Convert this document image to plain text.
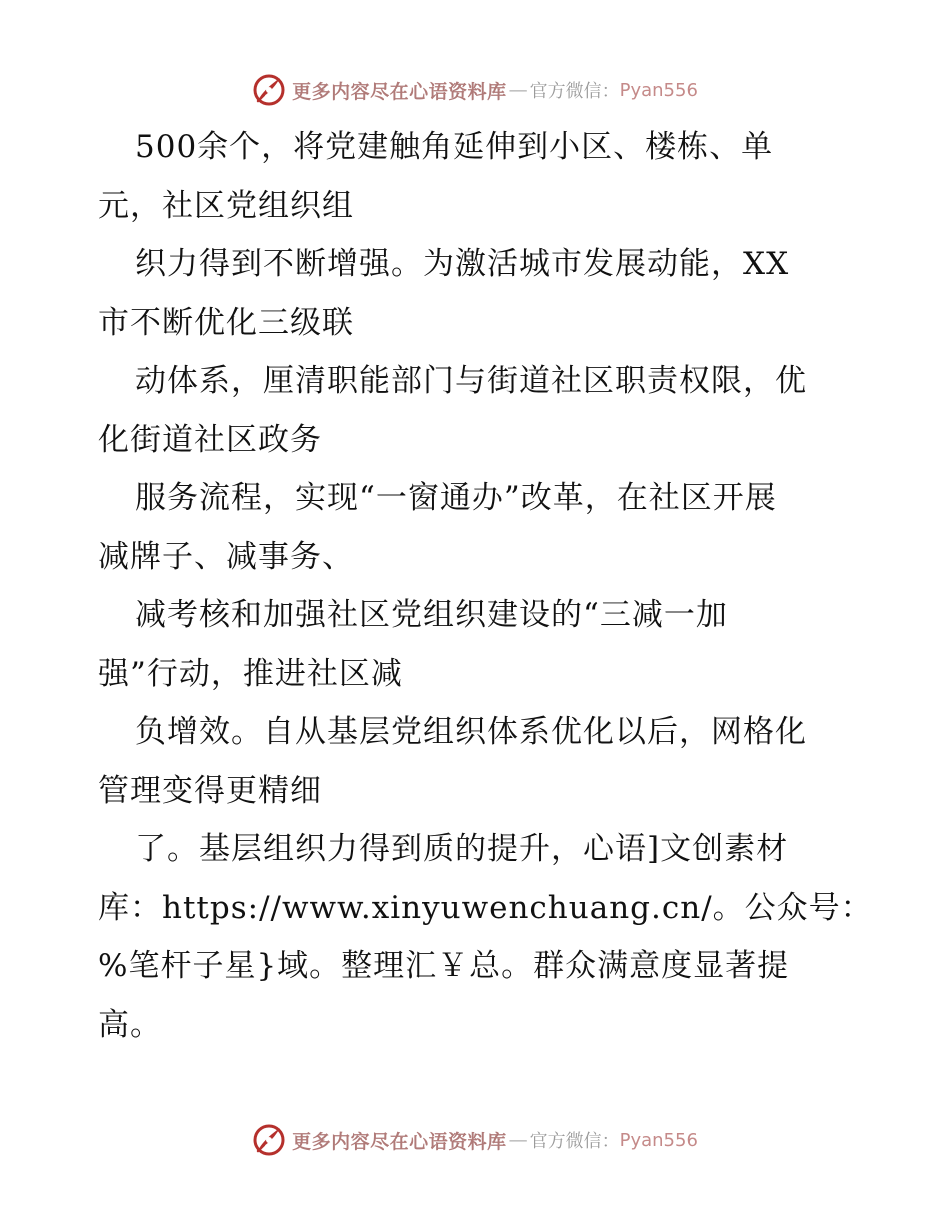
更多内容尽在心语资料库 — 官方微信： Pyan556
500余个，将党建触角延伸到小区、楼栋、单
元，社区党组织组
织力得到不断增强。为激活城市发展动能，XX
市不断优化三级联
动体系，厘清职能部门与街道社区职责权限，优
化街道社区政务
服务流程，实现“一窗通办”改革，在社区开展
减牌子、减事务、
减考核和加强社区党组织建设的“三减一加
强”行动，推进社区减
负增效。自从基层党组织体系优化以后，网格化
管理变得更精细
了。基层组织力得到质的提升，心语]文创素材
库：https://www.xinyuwenchuang.cn/。公众号：
%笔杆子星}域。整理汇￥总。群众满意度显著提
高。
更多内容尽在心语资料库 — 官方微信： Pyan556
